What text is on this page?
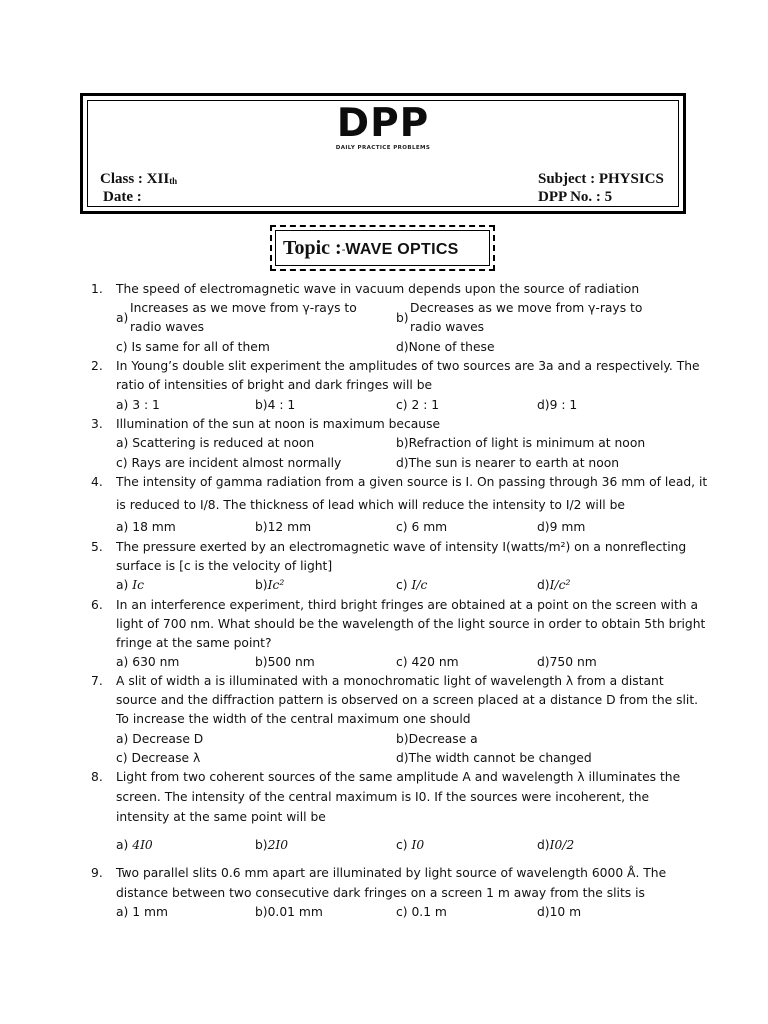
DPP
DAILY PRACTICE PROBLEMS
Class : $XII_{th}$
Date :
Subject : PHYSICS
DPP No. : 5
Topic :-WAVE OPTICS
1. The speed of electromagnetic wave in vacuum depends upon the source of radiation
a)
Increases as we move from γ-rays to radio waves
b)
Decreases as we move from γ-rays to radio waves
c) Is same for all of them	d)None of these
2. In Young’s double slit experiment the amplitudes of two sources are 3a and a respectively. The
ratio of intensities of bright and dark fringes will be
a) 3 : 1	b)4 : 1	c) 2 : 1	d)9 : 1
3. Illumination of the sun at noon is maximum because
a) Scattering is reduced at noon	b)Refraction of light is minimum at noon
c) Rays are incident almost normally	d)The sun is nearer to earth at noon
4. The intensity of gamma radiation from a given source is I. On passing through 36 mm of lead, it
is reduced to I/8. The thickness of lead which will reduce the intensity to I/2 will be
a) 18 mm	b)12 mm	c) 6 mm	d)9 mm
5. The pressure exerted by an electromagnetic wave of intensity I(watts/m²) on a nonreflecting
surface is [c is the velocity of light]
a) Ic	b)Ic²	c) I/c	d)I/c²
6. In an interference experiment, third bright fringes are obtained at a point on the screen with a
light of 700 nm. What should be the wavelength of the light source in order to obtain 5th bright
fringe at the same point?
a) 630 nm	b)500 nm	c) 420 nm	d)750 nm
7. A slit of width a is illuminated with a monochromatic light of wavelength λ from a distant
source and the diffraction pattern is observed on a screen placed at a distance D from the slit.
To increase the width of the central maximum one should
a) Decrease D	b)Decrease a
c) Decrease λ	d)The width cannot be changed
8. Light from two coherent sources of the same amplitude A and wavelength λ illuminates the
screen. The intensity of the central maximum is I0. If the sources were incoherent, the
intensity at the same point will be
a) 4I0	b)2I0	c) I0	d)I0/2
9. Two parallel slits 0.6 mm apart are illuminated by light source of wavelength 6000 Å. The
distance between two consecutive dark fringes on a screen 1 m away from the slits is
a) 1 mm	b)0.01 mm	c) 0.1 m	d)10 m
